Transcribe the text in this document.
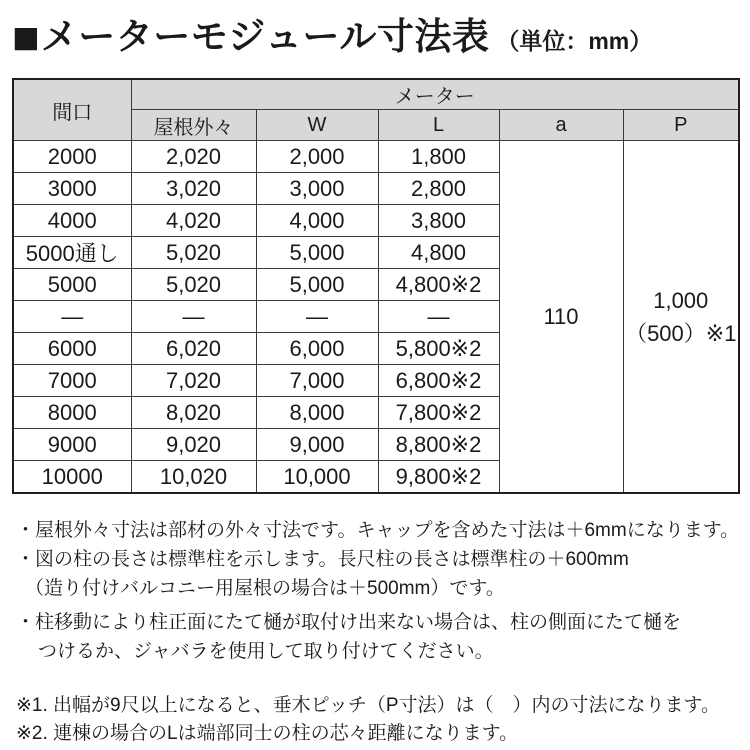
■ メーターモジュール寸法表 （単位：mm）
間口	メーター				
	屋根外々	W	L	a	P
2000	2,020	2,000	1,800	110	1,000
（500）※1

3000	3,020	3,000	2,800		
4000	4,020	4,000	3,800		
5000通し	5,020	5,000	4,800		
5000	5,020	5,000	4,800※2		
—	—	—	—		
6000	6,020	6,000	5,800※2		
7000	7,020	7,000	6,800※2		
8000	8,020	8,000	7,800※2		
9000	9,020	9,000	8,800※2		
10000	10,020	10,000	9,800※2		

・屋根外々寸法は部材の外々寸法です。キャップを含めた寸法は＋6mmになります。

・図の柱の長さは標準柱を示します。長尺柱の長さは標準柱の＋600mm

（造り付けバルコニー用屋根の場合は＋500mm）です。

・柱移動により柱正面にたて樋が取付け出来ない場合は、柱の側面にたて樋を

つけるか、ジャバラを使用して取り付けてください。

※1. 出幅が9尺以上になると、垂木ピッチ（P寸法）は（　）内の寸法になります。

※2. 連棟の場合のLは端部同士の柱の芯々距離になります。
